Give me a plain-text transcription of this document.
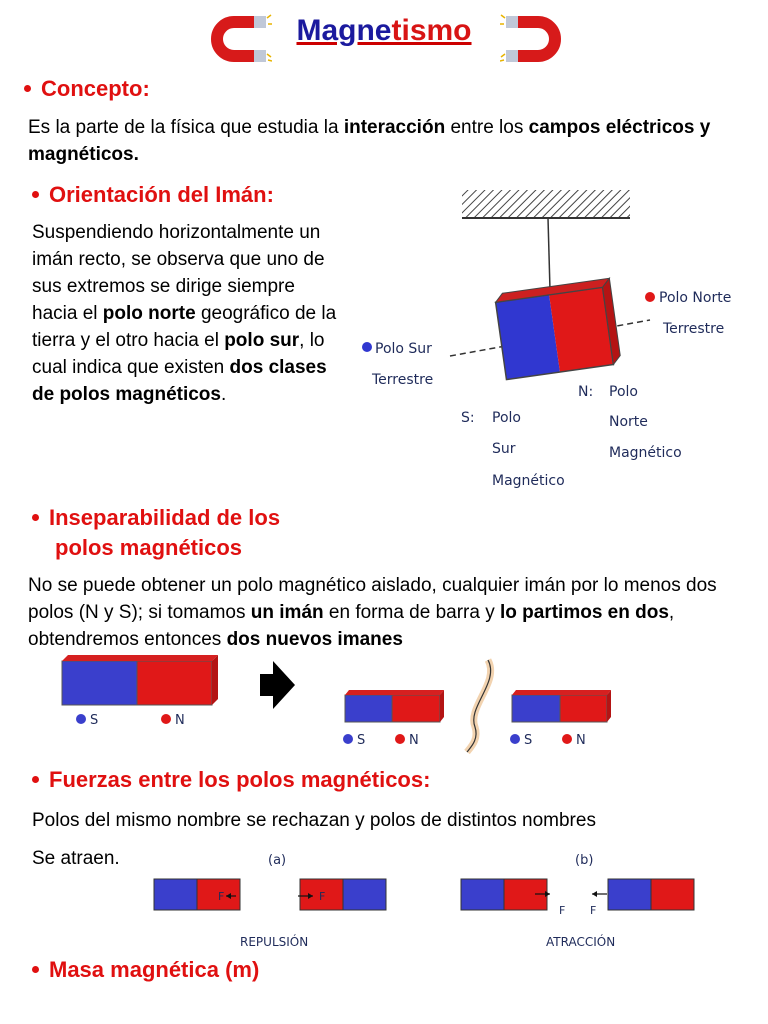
Magnetismo
Concepto:
Es la parte de la física que estudia la interacción entre los campos eléctricos y magnéticos.
Orientación del Imán:
Suspendiendo horizontalmente un imán recto, se observa que uno de sus extremos se dirige siempre hacia el polo norte geográfico de la tierra y el otro hacia el polo sur, lo cual indica que existen dos clases de polos magnéticos.
Polo Norte
Terrestre
Polo Sur
Terrestre
N: Polo
Norte
Magnético
S: Polo
Sur
Magnético
Inseparabilidad de los
polos magnéticos
No se puede obtener un polo magnético aislado, cualquier imán por lo menos dos polos (N y S); si tomamos un imán en forma de barra y lo partimos en dos, obtendremos entonces dos nuevos imanes
S	N
S	N	S	N
Fuerzas entre los polos magnéticos:
Polos del mismo nombre se rechazan y polos de distintos nombres
Se atraen.	(a)	(b)
F	F
F F
REPULSIÓN	ATRACCIÓN
Masa magnética (m)
